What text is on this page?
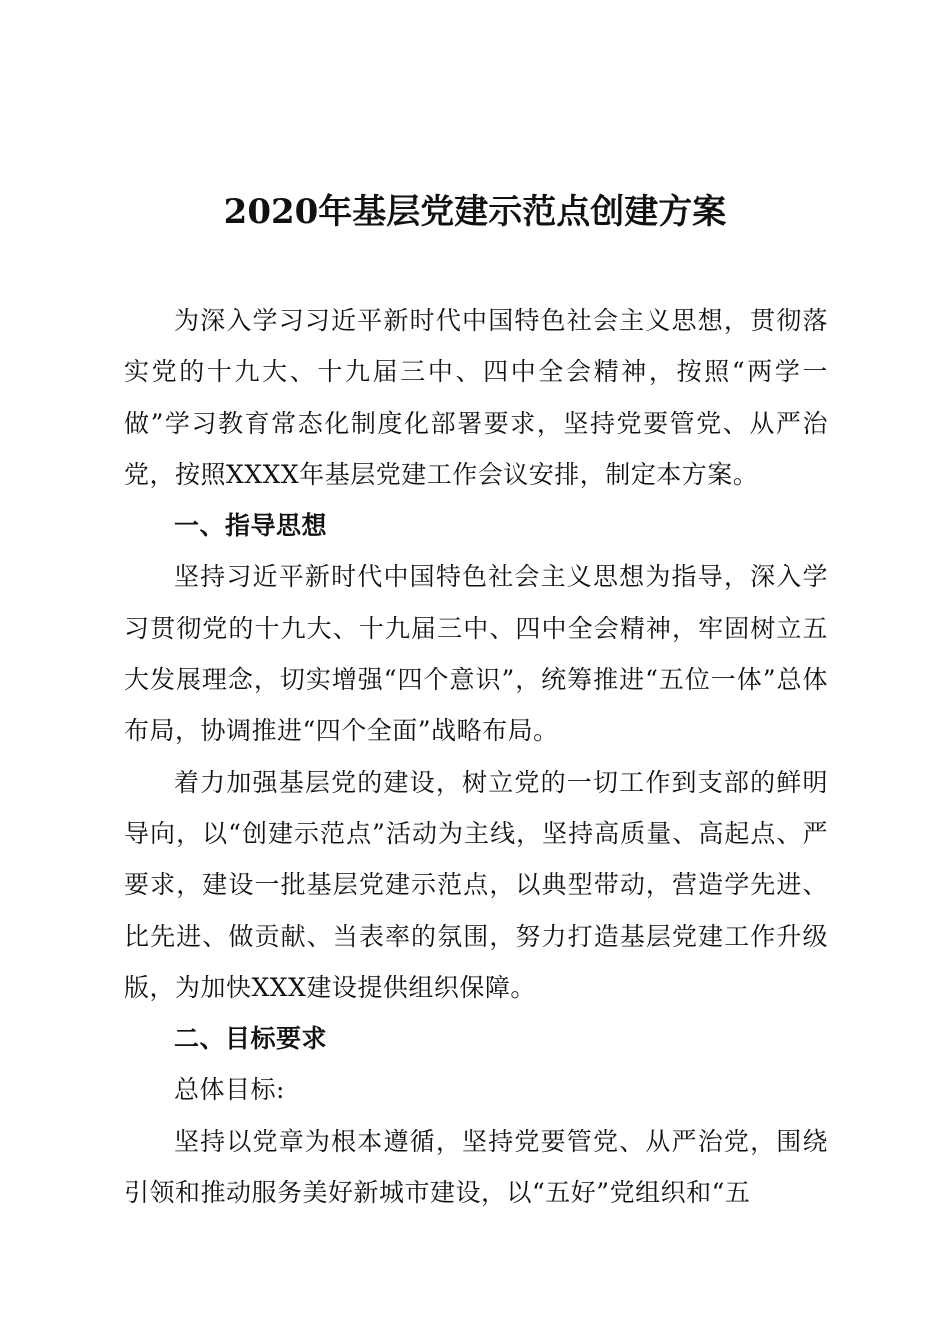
2020年基层党建示范点创建方案

为深入学习习近平新时代中国特色社会主义思想，贯彻落实党的十九大、十九届三中、四中全会精神，按照“两学一做”学习教育常态化制度化部署要求，坚持党要管党、从严治党，按照XXXX年基层党建工作会议安排，制定本方案。

一、指导思想

坚持习近平新时代中国特色社会主义思想为指导，深入学习贯彻党的十九大、十九届三中、四中全会精神，牢固树立五大发展理念，切实增强“四个意识”，统筹推进“五位一体”总体布局，协调推进“四个全面”战略布局。

着力加强基层党的建设，树立党的一切工作到支部的鲜明导向，以“创建示范点”活动为主线，坚持高质量、高起点、严要求，建设一批基层党建示范点，以典型带动，营造学先进、比先进、做贡献、当表率的氛围，努力打造基层党建工作升级版，为加快XXX建设提供组织保障。

二、目标要求

总体目标:

坚持以党章为根本遵循，坚持党要管党、从严治党，围绕引领和推动服务美好新城市建设，以“五好”党组织和“五
